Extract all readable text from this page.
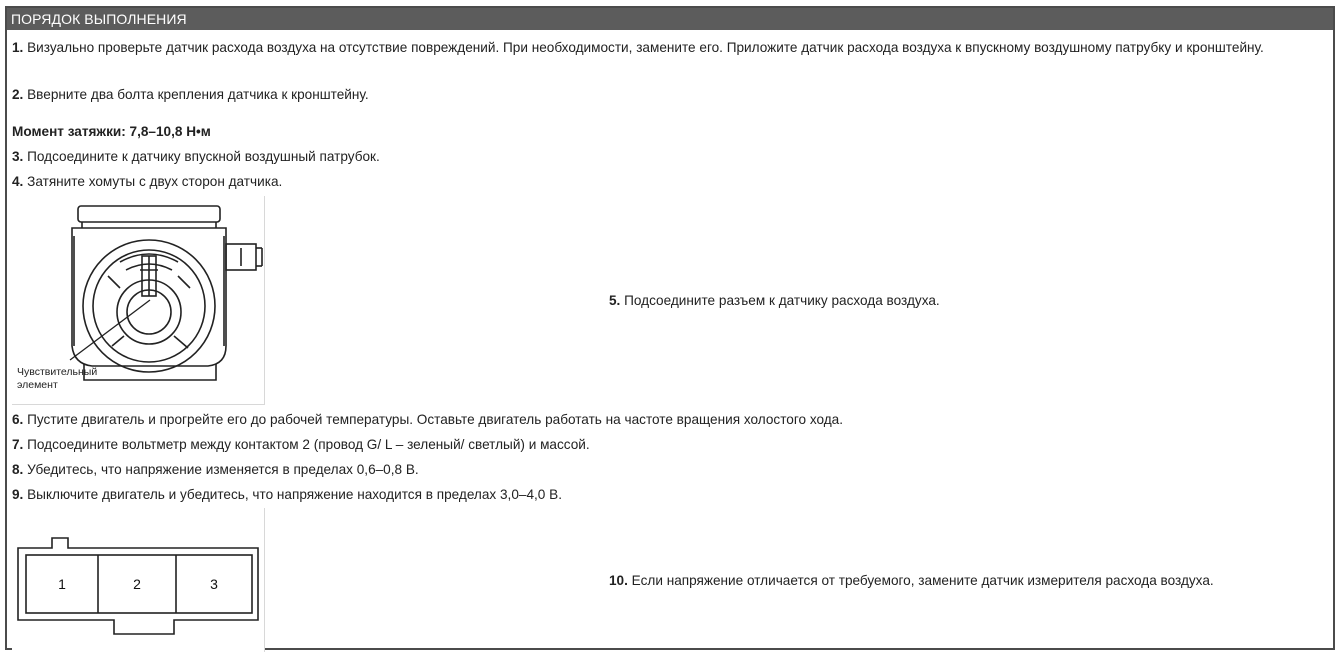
ПОРЯДОК ВЫПОЛНЕНИЯ
1. Визуально проверьте датчик расхода воздуха на отсутствие повреждений. При необходимости, замените его. Приложите датчик расхода воздуха к впускному воздушному патрубку и кронштейну.
2. Вверните два болта крепления датчика к кронштейну.
Момент затяжки: 7,8–10,8 Н•м
3. Подсоедините к датчику впускной воздушный патрубок.
4. Затяните хомуты с двух сторон датчика.
Чувствительный
элемент
5. Подсоедините разъем к датчику расхода воздуха.
6. Пустите двигатель и прогрейте его до рабочей температуры. Оставьте двигатель работать на частоте вращения холостого хода.
7. Подсоедините вольтметр между контактом 2 (провод G/ L – зеленый/ светлый) и массой.
8. Убедитесь, что напряжение изменяется в пределах 0,6–0,8 В.
9. Выключите двигатель и убедитесь, что напряжение находится в пределах 3,0–4,0 В.
1	2	3	10. Если напряжение отличается от требуемого, замените датчик измерителя расхода воздуха.
